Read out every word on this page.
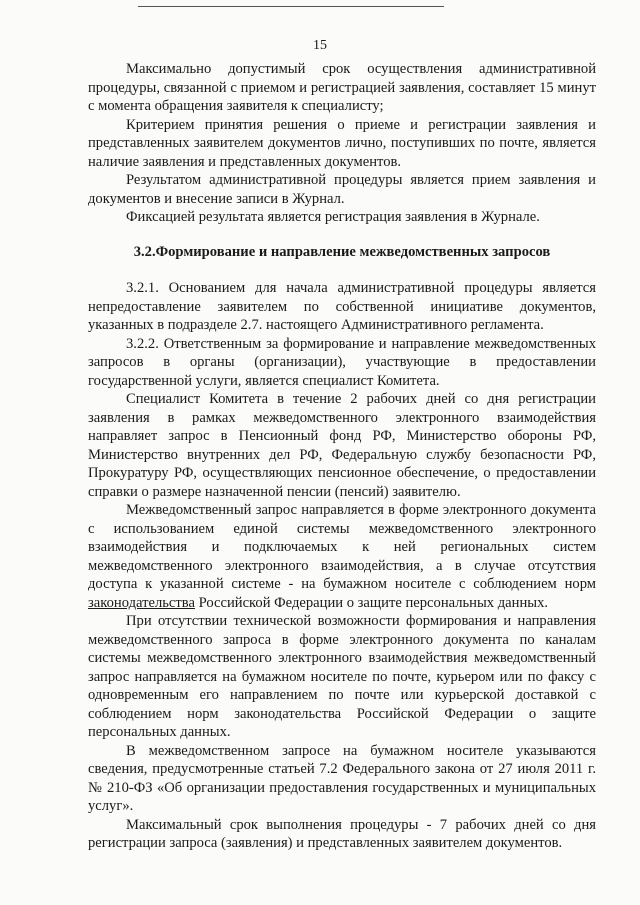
15

Максимально допустимый срок осуществления административной процедуры, связанной с приемом и регистрацией заявления, составляет 15 минут с момента обращения заявителя к специалисту;

Критерием принятия решения о приеме и регистрации заявления и представленных заявителем документов лично, поступивших по почте, является наличие заявления и представленных документов.

Результатом административной процедуры является прием заявления и документов и внесение записи в Журнал.

Фиксацией результата является регистрация заявления в Журнале.

3.2.Формирование и направление межведомственных запросов

3.2.1. Основанием для начала административной процедуры является непредоставление заявителем по собственной инициативе документов, указанных в подразделе 2.7. настоящего Административного регламента.

3.2.2. Ответственным за формирование и направление межведомственных запросов в органы (организации), участвующие в предоставлении государственной услуги, является специалист Комитета.

Специалист Комитета в течение 2 рабочих дней со дня регистрации заявления в рамках межведомственного электронного взаимодействия направляет запрос в Пенсионный фонд РФ, Министерство обороны РФ, Министерство внутренних дел РФ, Федеральную службу безопасности РФ, Прокуратуру РФ, осуществляющих пенсионное обеспечение, о предоставлении справки о размере назначенной пенсии (пенсий) заявителю.

Межведомственный запрос направляется в форме электронного документа с использованием единой системы межведомственного электронного взаимодействия и подключаемых к ней региональных систем межведомственного электронного взаимодействия, а в случае отсутствия доступа к указанной системе - на бумажном носителе с соблюдением норм законодательства Российской Федерации о защите персональных данных.

При отсутствии технической возможности формирования и направления межведомственного запроса в форме электронного документа по каналам системы межведомственного электронного взаимодействия межведомственный запрос направляется на бумажном носителе по почте, курьером или по факсу с одновременным его направлением по почте или курьерской доставкой с соблюдением норм законодательства Российской Федерации о защите персональных данных.

В межведомственном запросе на бумажном носителе указываются сведения, предусмотренные статьей 7.2 Федерального закона от 27 июля 2011 г. № 210-ФЗ «Об организации предоставления государственных и муниципальных услуг».

Максимальный срок выполнения процедуры - 7 рабочих дней со дня регистрации запроса (заявления) и представленных заявителем документов.
